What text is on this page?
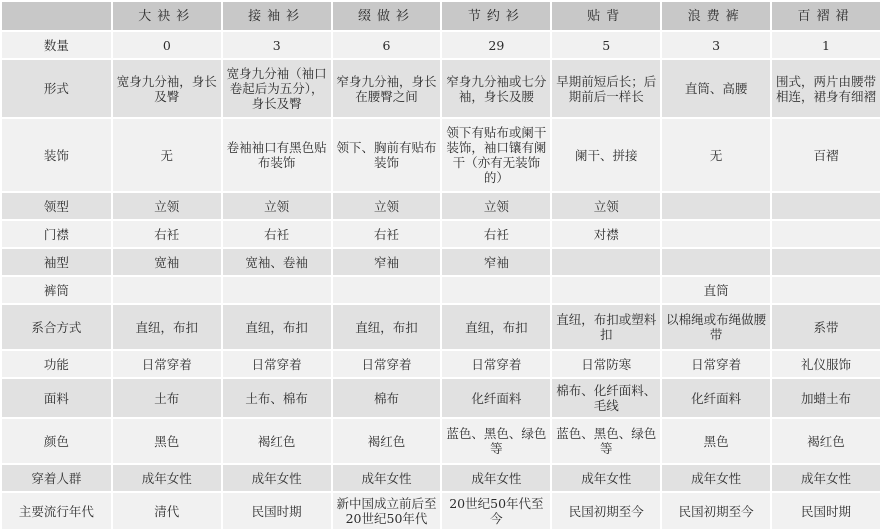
	大袂衫	接袖衫	缀做衫	节约衫	贴背	浪费裤	百褶裙
数量	0	3	6	29	5	3	1
形式	宽身九分袖，身长及臀	宽身九分袖（袖口卷起后为五分），身长及臀	窄身九分袖，身长在腰臀之间	窄身九分袖或七分袖，身长及腰	早期前短后长；后期前后一样长	直筒、高腰	围式，两片由腰带相连，裙身有细褶
装饰	无	卷袖袖口有黑色贴布装饰	领下、胸前有贴布装饰	领下有贴布或阑干装饰，袖口镶有阑干（亦有无装饰的）	阑干、拼接	无	百褶
领型	立领	立领	立领	立领	立领		
门襟	右衽	右衽	右衽	右衽	对襟		
袖型	宽袖	宽袖、卷袖	窄袖	窄袖			
裤筒						直筒	
系合方式	直纽，布扣	直纽，布扣	直纽，布扣	直纽，布扣	直纽，布扣或塑料扣	以棉绳或布绳做腰带	系带
功能	日常穿着	日常穿着	日常穿着	日常穿着	日常防寒	日常穿着	礼仪服饰
面料	土布	土布、棉布	棉布	化纤面料	棉布、化纤面料、毛线	化纤面料	加蜡土布
颜色	黑色	褐红色	褐红色	蓝色、黑色、绿色等	蓝色、黑色、绿色等	黑色	褐红色
穿着人群	成年女性	成年女性	成年女性	成年女性	成年女性	成年女性	成年女性
主要流行年代	清代	民国时期	新中国成立前后至20世纪50年代	20世纪50年代至今	民国初期至今	民国初期至今	民国时期
